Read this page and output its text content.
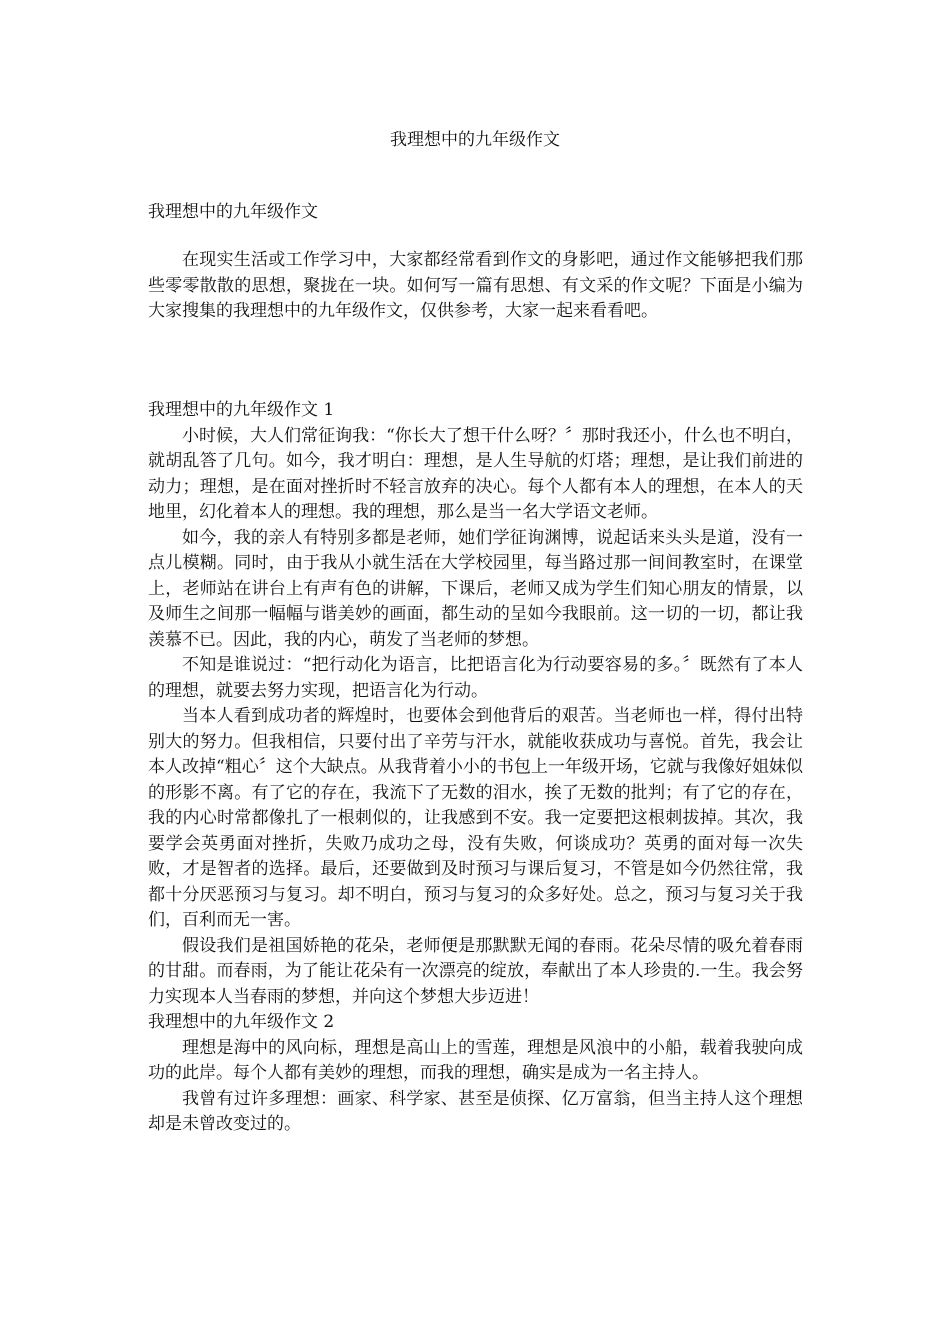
我理想中的九年级作文
我理想中的九年级作文

在现实生活或工作学习中，大家都经常看到作文的身影吧，通过作文能够把我们那些零零散散的思想，聚拢在一块。如何写一篇有思想、有文采的作文呢？下面是小编为大家搜集的我理想中的九年级作文，仅供参考，大家一起来看看吧。

我理想中的九年级作文 1

小时候，大人们常征询我：“你长大了想干什么呀？〞那时我还小，什么也不明白，就胡乱答了几句。如今，我才明白：理想，是人生导航的灯塔；理想，是让我们前进的动力；理想，是在面对挫折时不轻言放弃的决心。每个人都有本人的理想，在本人的天地里，幻化着本人的理想。我的理想，那么是当一名大学语文老师。

如今，我的亲人有特别多都是老师，她们学征询渊博，说起话来头头是道，没有一点儿模糊。同时，由于我从小就生活在大学校园里，每当路过那一间间教室时，在课堂上，老师站在讲台上有声有色的讲解，下课后，老师又成为学生们知心朋友的情景，以及师生之间那一幅幅与谐美妙的画面，都生动的呈如今我眼前。这一切的一切，都让我羡慕不已。因此，我的内心，萌发了当老师的梦想。

不知是谁说过：“把行动化为语言，比把语言化为行动要容易的多。〞既然有了本人的理想，就要去努力实现，把语言化为行动。

当本人看到成功者的辉煌时，也要体会到他背后的艰苦。当老师也一样，得付出特别大的努力。但我相信，只要付出了辛劳与汗水，就能收获成功与喜悦。首先，我会让本人改掉“粗心〞这个大缺点。从我背着小小的书包上一年级开场，它就与我像好姐妹似的形影不离。有了它的存在，我流下了无数的泪水，挨了无数的批判；有了它的存在，我的内心时常都像扎了一根刺似的，让我感到不安。我一定要把这根刺拔掉。其次，我要学会英勇面对挫折，失败乃成功之母，没有失败，何谈成功？英勇的面对每一次失败，才是智者的选择。最后，还要做到及时预习与课后复习，不管是如今仍然往常，我都十分厌恶预习与复习。却不明白，预习与复习的众多好处。总之，预习与复习关于我们，百利而无一害。

假设我们是祖国娇艳的花朵，老师便是那默默无闻的春雨。花朵尽情的吸允着春雨的甘甜。而春雨，为了能让花朵有一次漂亮的绽放，奉献出了本人珍贵的.一生。我会努力实现本人当春雨的梦想，并向这个梦想大步迈进！

我理想中的九年级作文 2

理想是海中的风向标，理想是高山上的雪莲，理想是风浪中的小船，载着我驶向成功的此岸。每个人都有美妙的理想，而我的理想，确实是成为一名主持人。

我曾有过许多理想：画家、科学家、甚至是侦探、亿万富翁，但当主持人这个理想却是未曾改变过的。
